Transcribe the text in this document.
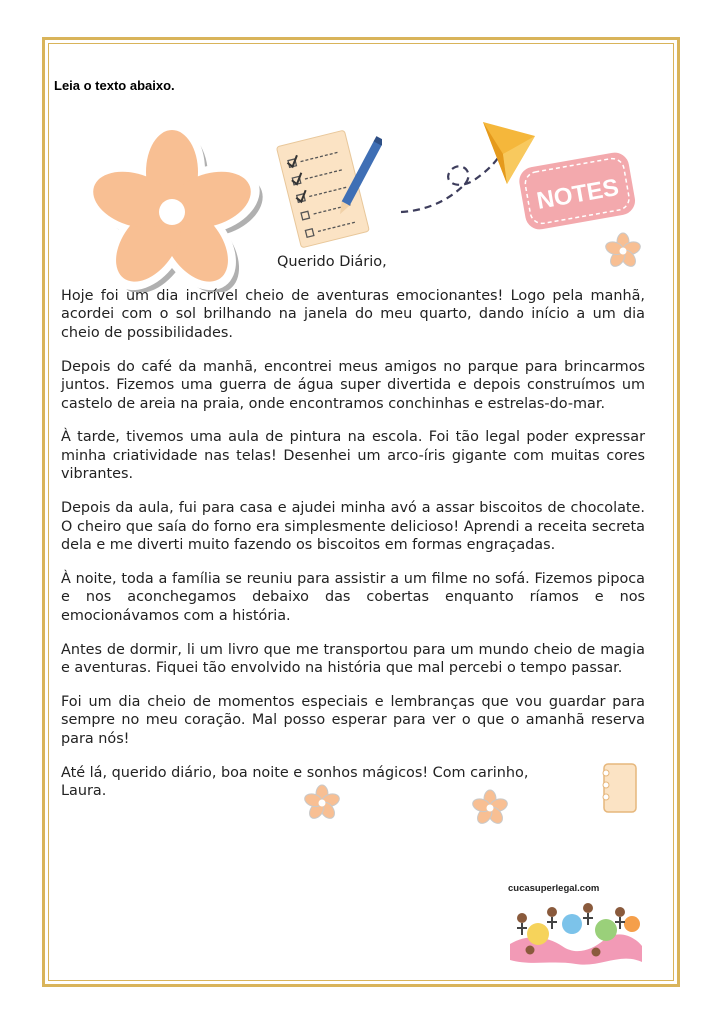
Leia o texto abaixo.
NOTES
Querido Diário,

Hoje foi um dia incrível cheio de aventuras emocionantes! Logo pela manhã, acordei com o sol brilhando na janela do meu quarto, dando início a um dia cheio de possibilidades.

Depois do café da manhã, encontrei meus amigos no parque para brincarmos juntos. Fizemos uma guerra de água super divertida e depois construímos um castelo de areia na praia, onde encontramos conchinhas e estrelas-do-mar.

À tarde, tivemos uma aula de pintura na escola. Foi tão legal poder expressar minha criatividade nas telas! Desenhei um arco-íris gigante com muitas cores vibrantes.

Depois da aula, fui para casa e ajudei minha avó a assar biscoitos de chocolate. O cheiro que saía do forno era simplesmente delicioso! Aprendi a receita secreta dela e me diverti muito fazendo os biscoitos em formas engraçadas.

À noite, toda a família se reuniu para assistir a um filme no sofá. Fizemos pipoca e nos aconchegamos debaixo das cobertas enquanto ríamos e nos emocionávamos com a história.

Antes de dormir, li um livro que me transportou para um mundo cheio de magia e aventuras. Fiquei tão envolvido na história que mal percebi o tempo passar.

Foi um dia cheio de momentos especiais e lembranças que vou guardar para sempre no meu coração. Mal posso esperar para ver o que o amanhã reserva para nós!

Até lá, querido diário, boa noite e sonhos mágicos! Com carinho,
Laura.

cucasuperlegal.com
